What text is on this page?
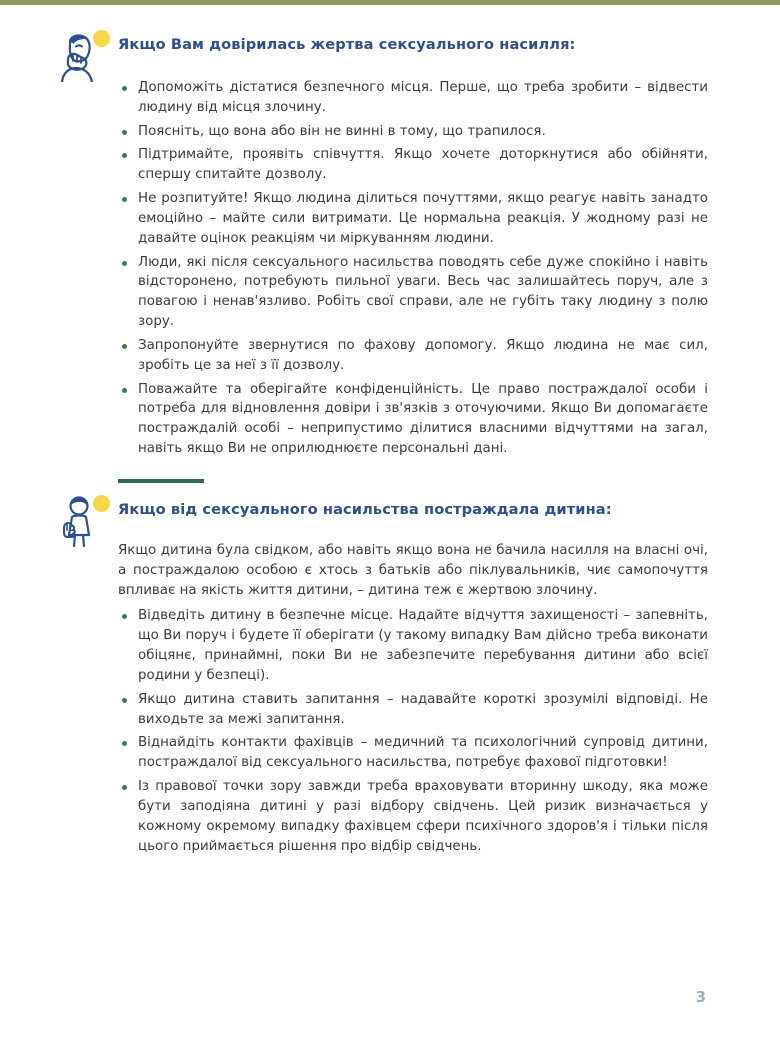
Якщо Вам довірилась жертва сексуального насилля:
Допоможіть дістатися безпечного місця. Перше, що треба зробити – відвести людину від місця злочину.
Поясніть, що вона або він не винні в тому, що трапилося.
Підтримайте, проявіть співчуття. Якщо хочете доторкнутися або обійняти, спершу спитайте дозволу.
Не розпитуйте! Якщо людина ділиться почуттями, якщо реагує навіть занадто емоційно – майте сили витримати. Це нормальна реакція. У жодному разі не давайте оцінок реакціям чи міркуванням людини.
Люди, які після сексуального насильства поводять себе дуже спокійно і навіть відсторонено, потребують пильної уваги. Весь час залишайтесь поруч, але з повагою і ненав'язливо. Робіть свої справи, але не губіть таку людину з полю зору.
Запропонуйте звернутися по фахову допомогу. Якщо людина не має сил, зробіть це за неї з її дозволу.
Поважайте та оберігайте конфіденційність. Це право постраждалої особи і потреба для відновлення довіри і зв'язків з оточуючими. Якщо Ви допомагаєте постраждалій особі – неприпустимо ділитися власними відчуттями на загал, навіть якщо Ви не оприлюднюєте персональні дані.
Якщо від сексуального насильства постраждала дитина:

Якщо дитина була свідком, або навіть якщо вона не бачила насилля на власні очі, а постраждалою особою є хтось з батьків або піклувальників, чиє самопочуття впливає на якість життя дитини, – дитина теж є жертвою злочину.

Відведіть дитину в безпечне місце. Надайте відчуття захищеності – запевніть, що Ви поруч і будете її оберігати (у такому випадку Вам дійсно треба виконати обіцянє, принаймні, поки Ви не забезпечите перебування дитини або всієї родини у безпеці).
Якщо дитина ставить запитання – надавайте короткі зрозумілі відповіді. Не виходьте за межі запитання.
Віднайдіть контакти фахівців – медичний та психологічний супровід дитини, постраждалої від сексуального насильства, потребує фахової підготовки!
Із правової точки зору завжди треба враховувати вторинну шкоду, яка може бути заподіяна дитині у разі відбору свідчень. Цей ризик визначається у кожному окремому випадку фахівцем сфери психічного здоров'я і тільки після цього приймається рішення про відбір свідчень.
3
